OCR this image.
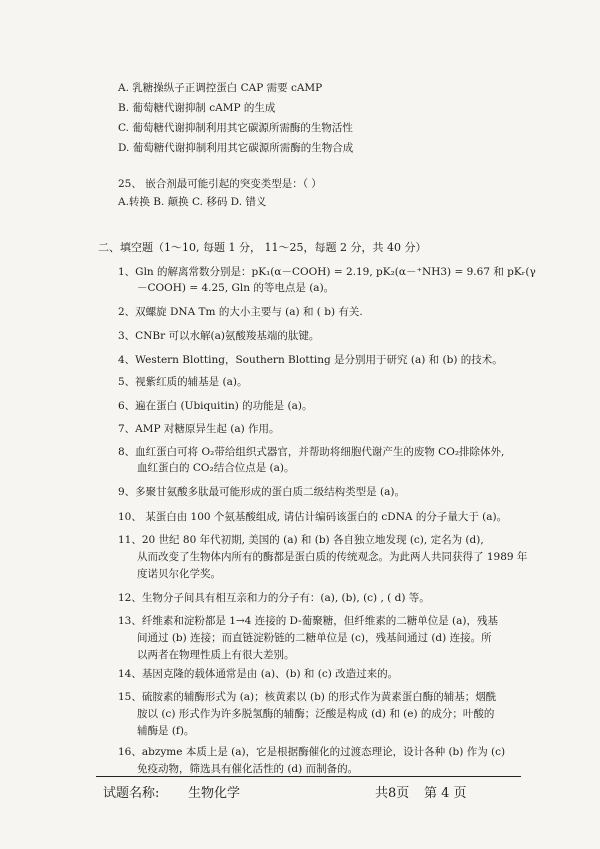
A. 乳糖操纵子正调控蛋白 CAP 需要 cAMP
B. 葡萄糖代谢抑制 cAMP 的生成
C. 葡萄糖代谢抑制利用其它碳源所需酶的生物活性
D. 葡萄糖代谢抑制利用其它碳源所需酶的生物合成
25、 嵌合剂最可能引起的突变类型是：（ ）
A.转换 B. 颠换 C. 移码 D. 错义
二、填空题（1～10, 每题 1 分， 11～25，每题 2 分，共 40 分）
1、Gln 的解离常数分别是：pK₁(α－COOH) = 2.19, pK₂(α－⁺NH3) = 9.67 和 pKᵣ(γ
－COOH) = 4.25, Gln 的等电点是 (a)。
2、双螺旋 DNA Tm 的大小主要与 (a) 和 ( b) 有关.
3、CNBr 可以水解(a)氨酸羧基端的肽键。
4、Western Blotting，Southern Blotting 是分别用于研究 (a) 和 (b) 的技术。
5、视紫红质的辅基是 (a)。
6、遍在蛋白 (Ubiquitin) 的功能是 (a)。
7、AMP 对糖原异生起 (a) 作用。
8、血红蛋白可将 O₂带给组织式器官，并帮助将细胞代谢产生的废物 CO₂排除体外,
血红蛋白的 CO₂结合位点是 (a)。
9、多聚甘氨酸多肽最可能形成的蛋白质二级结构类型是 (a)。
10、 某蛋白由 100 个氨基酸组成, 请估计编码该蛋白的 cDNA 的分子量大于 (a)。
11、20 世纪 80 年代初期, 美国的 (a) 和 (b) 各自独立地发现 (c), 定名为 (d),
从而改变了生物体内所有的酶都是蛋白质的传统观念。为此两人共同获得了 1989 年
度诺贝尔化学奖。
12、生物分子间具有相互亲和力的分子有：(a), (b), (c) , ( d) 等。
13、纤维素和淀粉都是 1→4 连接的 D-葡聚糖，但纤维素的二糖单位是 (a)，残基
间通过 (b) 连接；而直链淀粉链的二糖单位是 (c)，残基间通过 (d) 连接。所
以两者在物理性质上有很大差别。
14、基因克隆的载体通常是由 (a)、(b) 和 (c) 改造过来的。
15、硫胺素的辅酶形式为 (a)；核黄素以 (b) 的形式作为黄素蛋白酶的辅基；烟酰
胺以 (c) 形式作为许多脱氢酶的辅酶；泛酸是构成 (d) 和 (e) 的成分；叶酸的
辅酶是 (f)。
16、abzyme 本质上是 (a)，它是根据酶催化的过渡态理论，设计各种 (b) 作为 (c)
免疫动物，筛选具有催化活性的 (d) 而制备的。
试题名称: 生物化学	共8页 第 4 页
